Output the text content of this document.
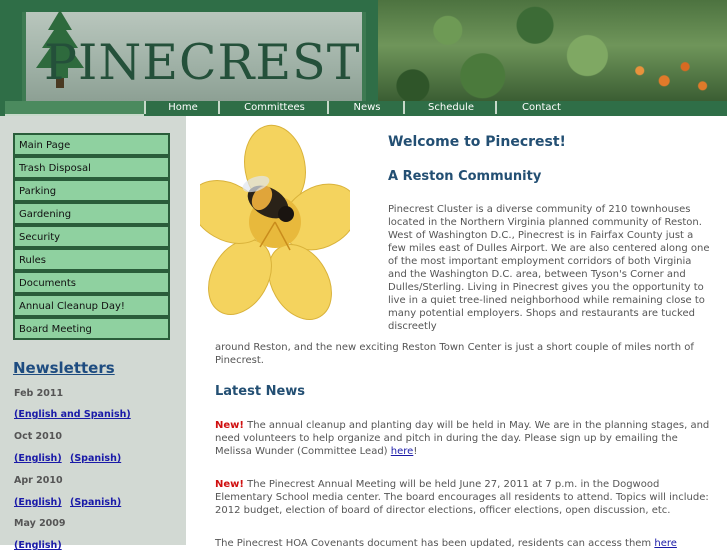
PINECREST
Home	Committees	News	Schedule	Contact
Main Page
Trash Disposal
Parking
Gardening
Security
Rules
Documents
Annual Cleanup Day!
Board Meeting
Newsletters
Feb 2011
(English and Spanish)
Oct 2010
(English) (Spanish)
Apr 2010
(English) (Spanish)
May 2009
(English)
Welcome to Pinecrest!
A Reston Community
Pinecrest Cluster is a diverse community of 210 townhouses located in the Northern Virginia planned community of Reston. West of Washington D.C., Pinecrest is in Fairfax County just a few miles east of Dulles Airport. We are also centered along one of the most important employment corridors of both Virginia and the Washington D.C. area, between Tyson's Corner and Dulles/Sterling. Living in Pinecrest gives you the opportunity to live in a quiet tree-lined neighborhood while remaining close to many potential employers. Shops and restaurants are tucked discreetly
around Reston, and the new exciting Reston Town Center is just a short couple of miles north of Pinecrest.
Latest News
New! The annual cleanup and planting day will be held in May. We are in the planning stages, and need volunteers to help organize and pitch in during the day. Please sign up by emailing the Melissa Wunder (Committee Lead) here!
New! The Pinecrest Annual Meeting will be held June 27, 2011 at 7 p.m. in the Dogwood Elementary School media center. The board encourages all residents to attend. Topics will include: 2012 budget, election of board of director elections, officer elections, open discussion, etc.
The Pinecrest HOA Covenants document has been updated, residents can access them here
